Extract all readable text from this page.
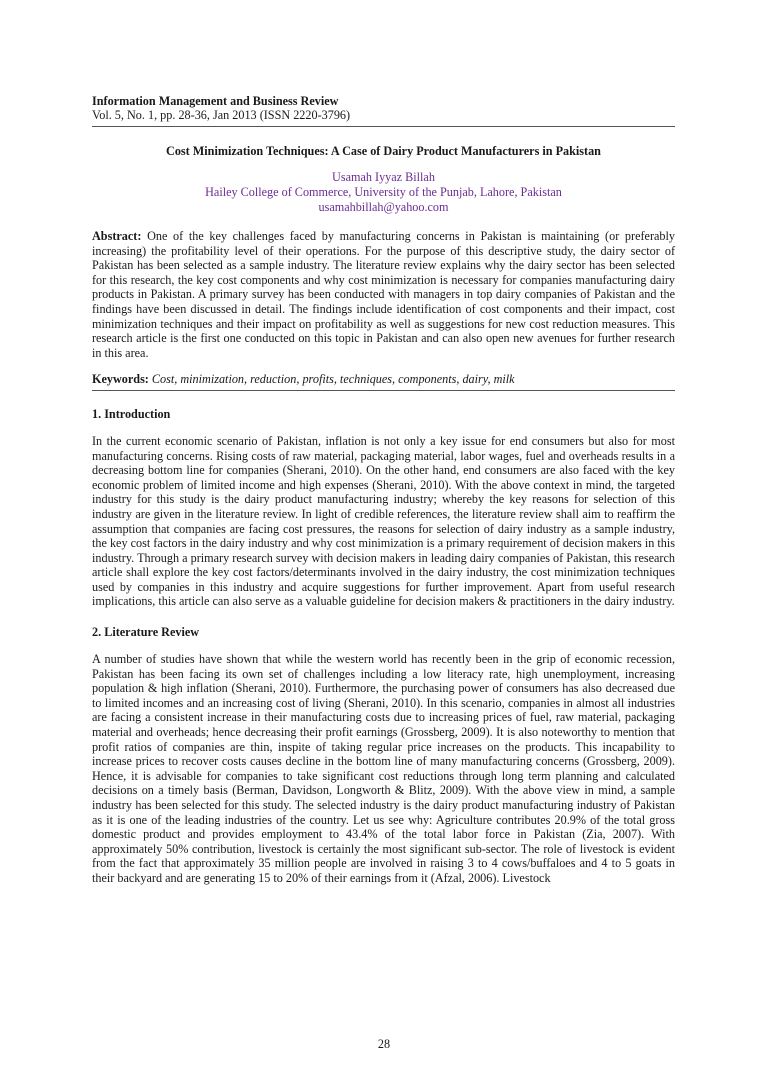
Information Management and Business Review
Vol. 5, No. 1, pp. 28-36, Jan 2013 (ISSN 2220-3796)
Cost Minimization Techniques: A Case of Dairy Product Manufacturers in Pakistan
Usamah Iyyaz Billah
Hailey College of Commerce, University of the Punjab, Lahore, Pakistan
usamahbillah@yahoo.com
Abstract: One of the key challenges faced by manufacturing concerns in Pakistan is maintaining (or preferably increasing) the profitability level of their operations. For the purpose of this descriptive study, the dairy sector of Pakistan has been selected as a sample industry. The literature review explains why the dairy sector has been selected for this research, the key cost components and why cost minimization is necessary for companies manufacturing dairy products in Pakistan. A primary survey has been conducted with managers in top dairy companies of Pakistan and the findings have been discussed in detail. The findings include identification of cost components and their impact, cost minimization techniques and their impact on profitability as well as suggestions for new cost reduction measures. This research article is the first one conducted on this topic in Pakistan and can also open new avenues for further research in this area.
Keywords: Cost, minimization, reduction, profits, techniques, components, dairy, milk
1. Introduction
In the current economic scenario of Pakistan, inflation is not only a key issue for end consumers but also for most manufacturing concerns. Rising costs of raw material, packaging material, labor wages, fuel and overheads results in a decreasing bottom line for companies (Sherani, 2010). On the other hand, end consumers are also faced with the key economic problem of limited income and high expenses (Sherani, 2010). With the above context in mind, the targeted industry for this study is the dairy product manufacturing industry; whereby the key reasons for selection of this industry are given in the literature review. In light of credible references, the literature review shall aim to reaffirm the assumption that companies are facing cost pressures, the reasons for selection of dairy industry as a sample industry, the key cost factors in the dairy industry and why cost minimization is a primary requirement of decision makers in this industry. Through a primary research survey with decision makers in leading dairy companies of Pakistan, this research article shall explore the key cost factors/determinants involved in the dairy industry, the cost minimization techniques used by companies in this industry and acquire suggestions for further improvement. Apart from useful research implications, this article can also serve as a valuable guideline for decision makers & practitioners in the dairy industry.
2. Literature Review
A number of studies have shown that while the western world has recently been in the grip of economic recession, Pakistan has been facing its own set of challenges including a low literacy rate, high unemployment, increasing population & high inflation (Sherani, 2010). Furthermore, the purchasing power of consumers has also decreased due to limited incomes and an increasing cost of living (Sherani, 2010). In this scenario, companies in almost all industries are facing a consistent increase in their manufacturing costs due to increasing prices of fuel, raw material, packaging material and overheads; hence decreasing their profit earnings (Grossberg, 2009). It is also noteworthy to mention that profit ratios of companies are thin, inspite of taking regular price increases on the products. This incapability to increase prices to recover costs causes decline in the bottom line of many manufacturing concerns (Grossberg, 2009). Hence, it is advisable for companies to take significant cost reductions through long term planning and calculated decisions on a timely basis (Berman, Davidson, Longworth & Blitz, 2009). With the above view in mind, a sample industry has been selected for this study. The selected industry is the dairy product manufacturing industry of Pakistan as it is one of the leading industries of the country. Let us see why: Agriculture contributes 20.9% of the total gross domestic product and provides employment to 43.4% of the total labor force in Pakistan (Zia, 2007). With approximately 50% contribution, livestock is certainly the most significant sub-sector. The role of livestock is evident from the fact that approximately 35 million people are involved in raising 3 to 4 cows/buffaloes and 4 to 5 goats in their backyard and are generating 15 to 20% of their earnings from it (Afzal, 2006). Livestock
28
